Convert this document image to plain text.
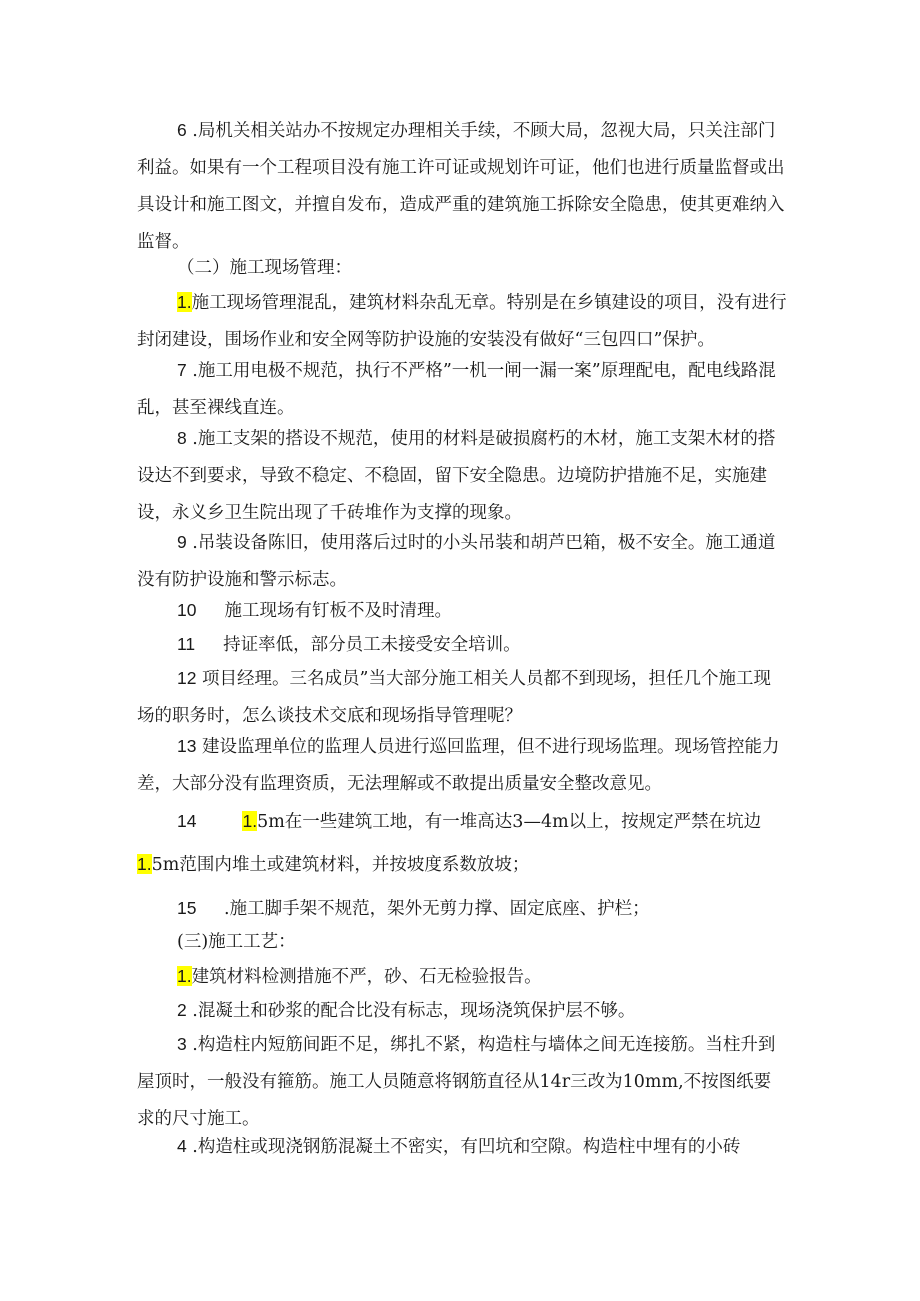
6 .局机关相关站办不按规定办理相关手续，不顾大局，忽视大局，只关注部门利益。如果有一个工程项目没有施工许可证或规划许可证，他们也进行质量监督或出具设计和施工图文，并擅自发布，造成严重的建筑施工拆除安全隐患，使其更难纳入监督。

（二）施工现场管理：

1.施工现场管理混乱，建筑材料杂乱无章。特别是在乡镇建设的项目，没有进行封闭建设，围场作业和安全网等防护设施的安装没有做好“三包四口”保护。

7 .施工用电极不规范，执行不严格”一机一闸一漏一案”原理配电，配电线路混乱，甚至裸线直连。

8 .施工支架的搭设不规范，使用的材料是破损腐朽的木材，施工支架木材的搭设达不到要求，导致不稳定、不稳固，留下安全隐患。边境防护措施不足，实施建设，永义乡卫生院出现了千砖堆作为支撑的现象。

9 .吊装设备陈旧，使用落后过时的小头吊装和胡芦巴箱，极不安全。施工通道没有防护设施和警示标志。

10 施工现场有钉板不及时清理。

11 持证率低，部分员工未接受安全培训。

12 项目经理。三名成员”当大部分施工相关人员都不到现场，担任几个施工现场的职务时，怎么谈技术交底和现场指导管理呢？

13 建设监理单位的监理人员进行巡回监理，但不进行现场监理。现场管控能力差，大部分没有监理资质，无法理解或不敢提出质量安全整改意见。

14	1.5m在一些建筑工地，有一堆高达3—4m以上，按规定严禁在坑边1.5m范围内堆土或建筑材料，并按坡度系数放坡；

15 .施工脚手架不规范，架外无剪力撑、固定底座、护栏；

(三)施工工艺：

1.建筑材料检测措施不严，砂、石无检验报告。

2 .混凝土和砂浆的配合比没有标志，现场浇筑保护层不够。

3 .构造柱内短筋间距不足，绑扎不紧，构造柱与墙体之间无连接筋。当柱升到屋顶时，一般没有箍筋。施工人员随意将钢筋直径从14r三改为10mm,不按图纸要求的尺寸施工。

4 .构造柱或现浇钢筋混凝土不密实，有凹坑和空隙。构造柱中埋有的小砖
